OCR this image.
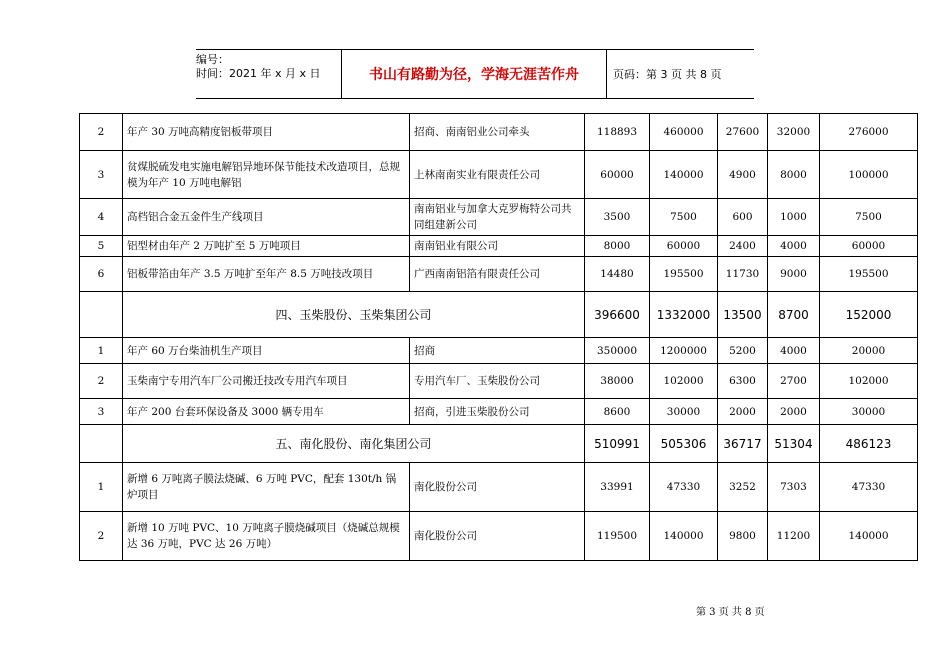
编号：
时间：2021 年 x 月 x 日	书山有路勤为径，学海无涯苦作舟	页码：第 3 页 共 8 页
2	年产 30 万吨高精度铝板带项目	招商、南南铝业公司牵头	118893	460000	27600	32000	276000
3	贫煤脱硫发电实施电解铝异地环保节能技术改造项目，总规模为年产 10 万吨电解铝	上林南南实业有限责任公司	60000	140000	4900	8000	100000
4	高档铝合金五金件生产线项目	南南铝业与加拿大克罗梅特公司共同组建新公司	3500	7500	600	1000	7500
5	铝型材由年产 2 万吨扩至 5 万吨项目	南南铝业有限公司	8000	60000	2400	4000	60000
6	铝板带箔由年产 3.5 万吨扩至年产 8.5 万吨技改项目	广西南南铝箔有限责任公司	14480	195500	11730	9000	195500
	四、玉柴股份、玉柴集团公司		396600	1332000	13500	8700	152000
1	年产 60 万台柴油机生产项目	招商	350000	1200000	5200	4000	20000
2	玉柴南宁专用汽车厂公司搬迁技改专用汽车项目	专用汽车厂、玉柴股份公司	38000	102000	6300	2700	102000
3	年产 200 台套环保设备及 3000 辆专用车	招商，引进玉柴股份公司	8600	30000	2000	2000	30000
	五、南化股份、南化集团公司		510991	505306	36717	51304	486123
1	新增 6 万吨离子膜法烧碱、6 万吨 PVC，配套 130t/h 锅炉项目	南化股份公司	33991	47330	3252	7303	47330
2	新增 10 万吨 PVC、10 万吨离子膜烧碱项目（烧碱总规模达 36 万吨，PVC 达 26 万吨）	南化股份公司	119500	140000	9800	11200	140000
第 3 页 共 8 页
